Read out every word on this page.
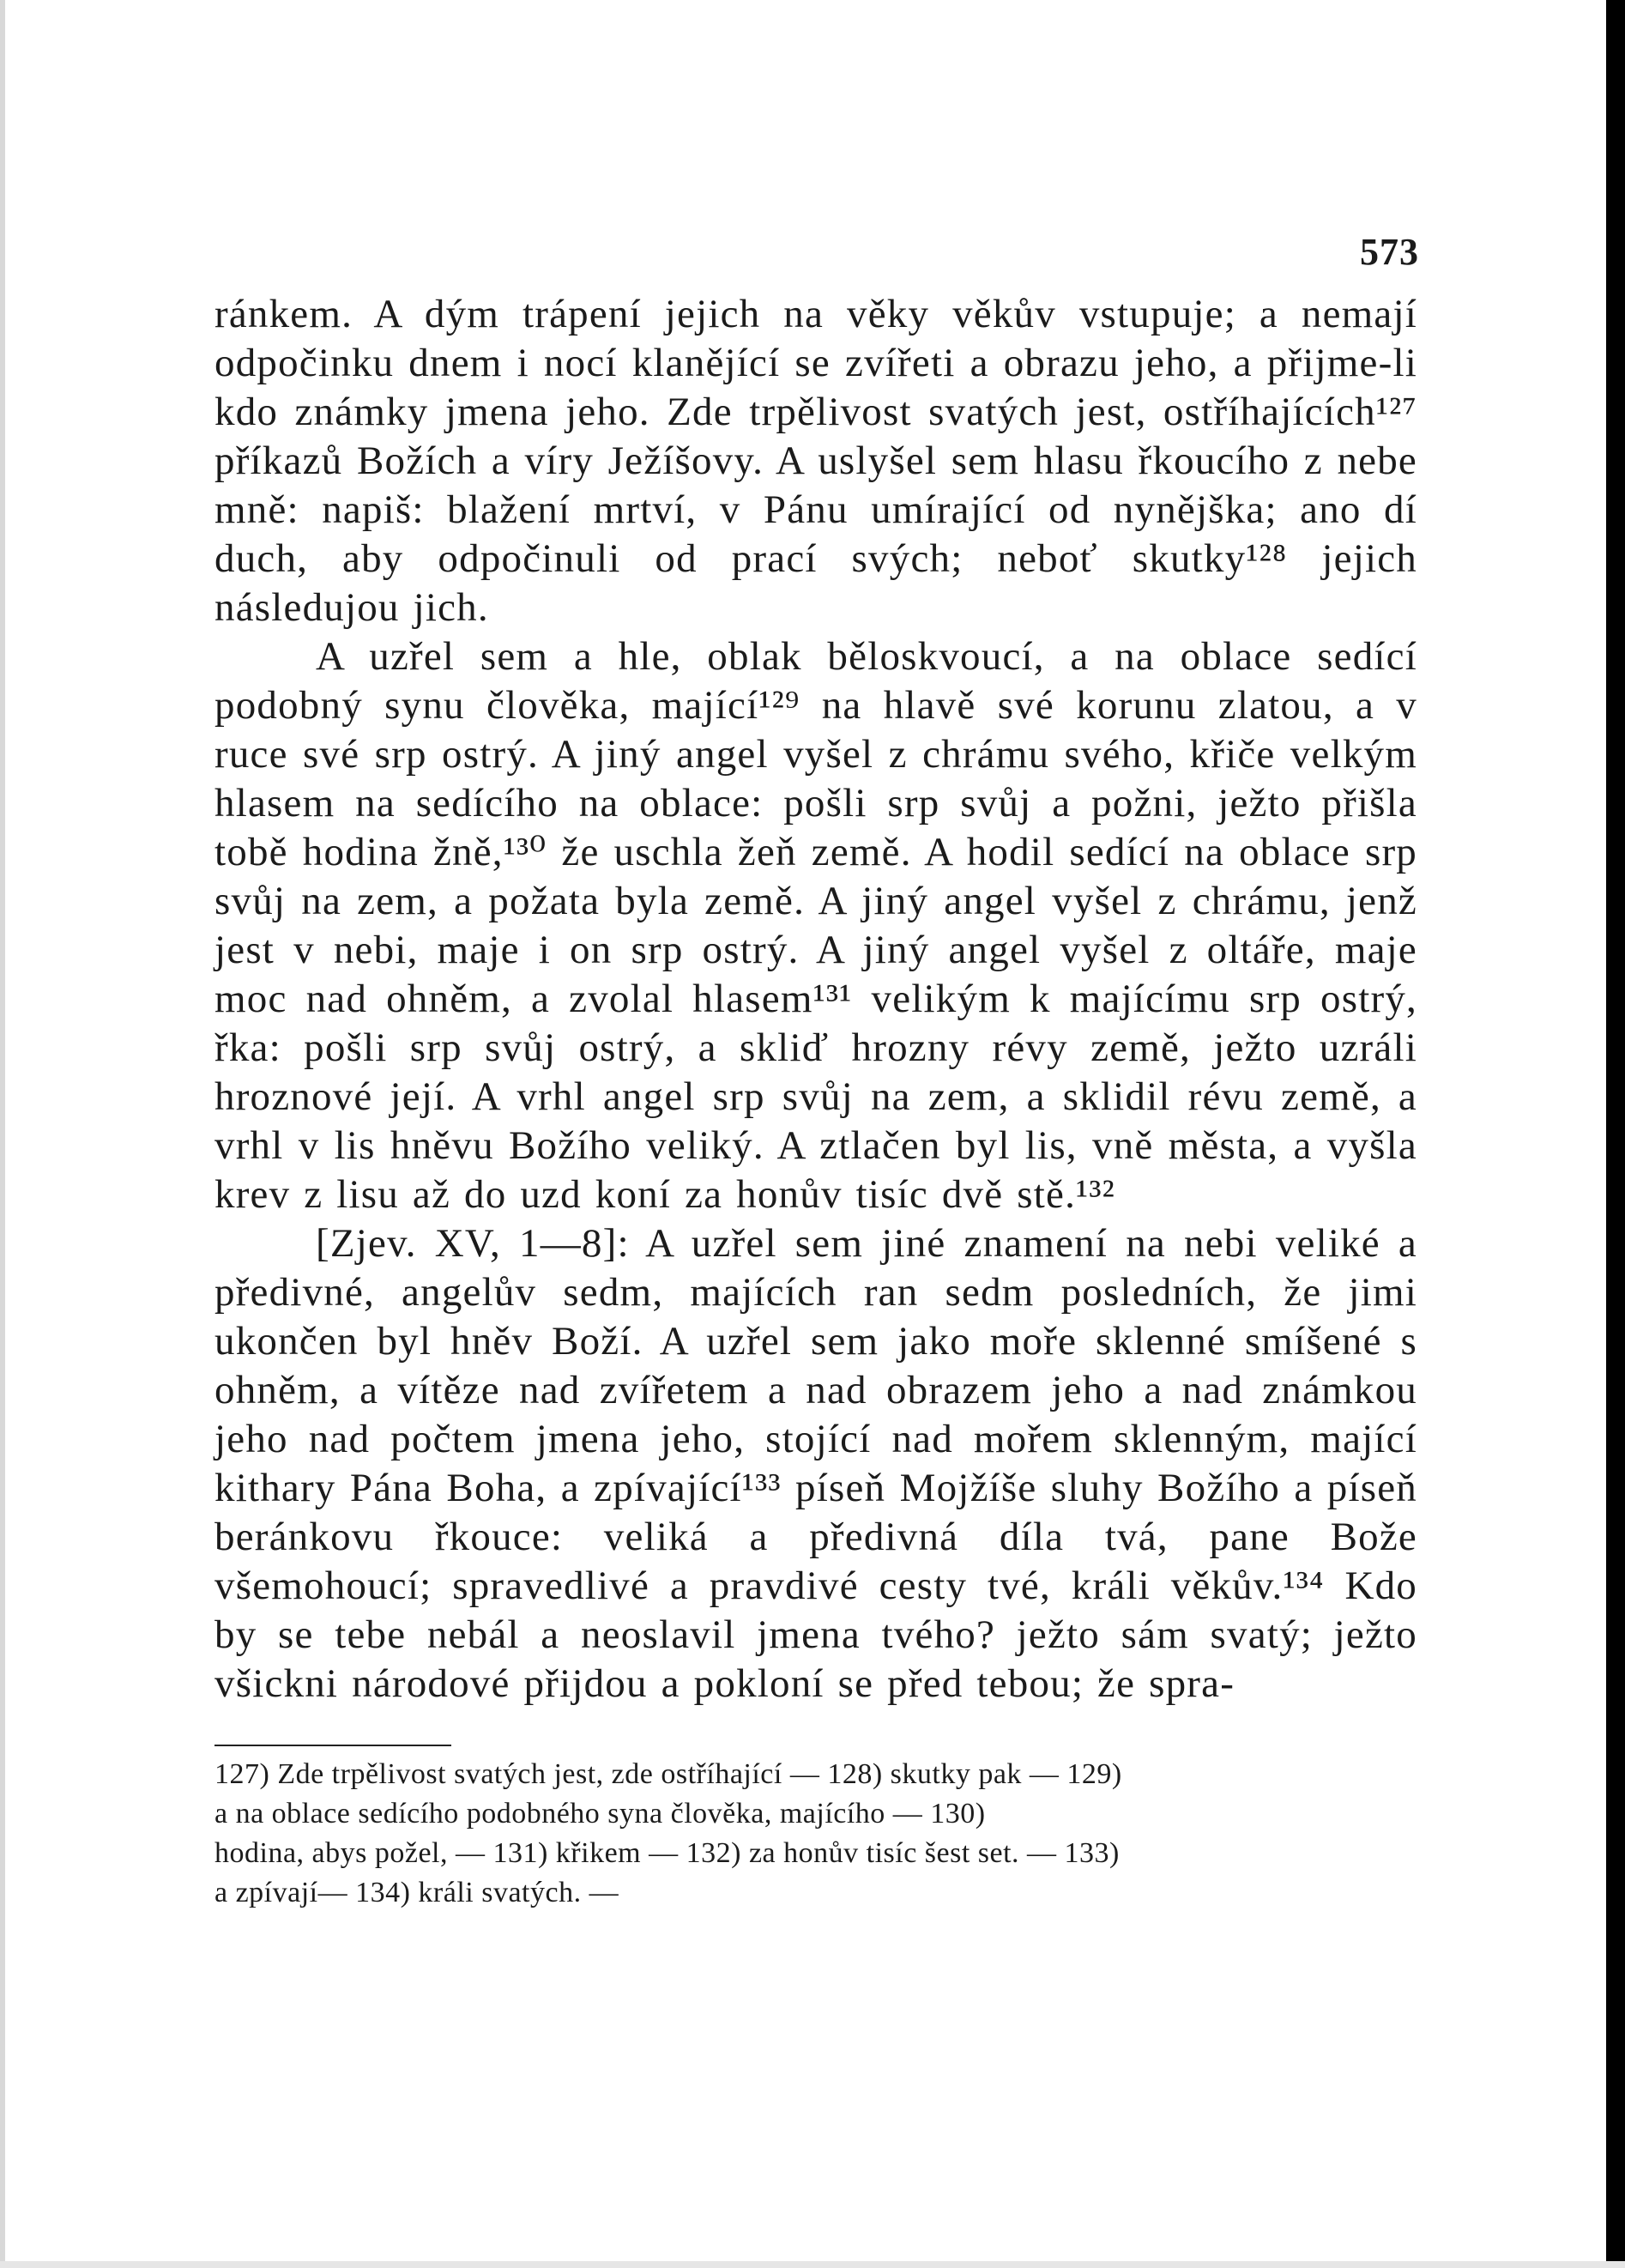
573

ránkem. A dým trápení jejich na věky věkův vstupuje; a nemají odpočinku dnem i nocí klanějící se zvířeti a obrazu jeho, a přijme-li kdo známky jmena jeho. Zde trpělivost svatých jest, ostříhajících¹²⁷ příkazů Božích a víry Ježíšovy. A uslyšel sem hlasu řkoucího z nebe mně: napiš: blažení mrtví, v Pánu umírající od nynějška; ano dí duch, aby odpočinuli od prací svých; neboť skutky¹²⁸ jejich následujou jich.

A uzřel sem a hle, oblak běloskvoucí, a na oblace sedící podobný synu člověka, mající¹²⁹ na hlavě své korunu zlatou, a v ruce své srp ostrý. A jiný angel vyšel z chrámu svého, křiče velkým hlasem na sedícího na oblace: pošli srp svůj a požni, ježto přišla tobě hodina žně,¹³⁰ že uschla žeň země. A hodil sedící na oblace srp svůj na zem, a požata byla země. A jiný angel vyšel z chrámu, jenž jest v nebi, maje i on srp ostrý. A jiný angel vyšel z oltáře, maje moc nad ohněm, a zvolal hlasem¹³¹ velikým k majícímu srp ostrý, řka: pošli srp svůj ostrý, a skliď hrozny révy země, ježto uzráli hroznové její. A vrhl angel srp svůj na zem, a sklidil révu země, a vrhl v lis hněvu Božího veliký. A ztlačen byl lis, vně města, a vyšla krev z lisu až do uzd koní za honův tisíc dvě stě.¹³²

[Zjev. XV, 1—8]: A uzřel sem jiné znamení na nebi veliké a předivné, angelův sedm, majících ran sedm posledních, že jimi ukončen byl hněv Boží. A uzřel sem jako moře sklenné smíšené s ohněm, a vítěze nad zvířetem a nad obrazem jeho a nad známkou jeho nad počtem jmena jeho, stojící nad mořem sklenným, mající kithary Pána Boha, a zpívající¹³³ píseň Mojžíše sluhy Božího a píseň beránkovu řkouce: veliká a předivná díla tvá, pane Bože všemohoucí; spravedlivé a pravdivé cesty tvé, králi věkův.¹³⁴ Kdo by se tebe nebál a neoslavil jmena tvého? ježto sám svatý; ježto všickni národové přijdou a pokloní se před tebou; že spra-

127) Zde trpělivost svatých jest, zde ostříhající — 128) skutky pak — 129)

a na oblace sedícího podobného syna člověka, majícího — 130)

hodina, abys požel, — 131) křikem — 132) za honův tisíc šest set. — 133)

a zpívají— 134) králi svatých. —
